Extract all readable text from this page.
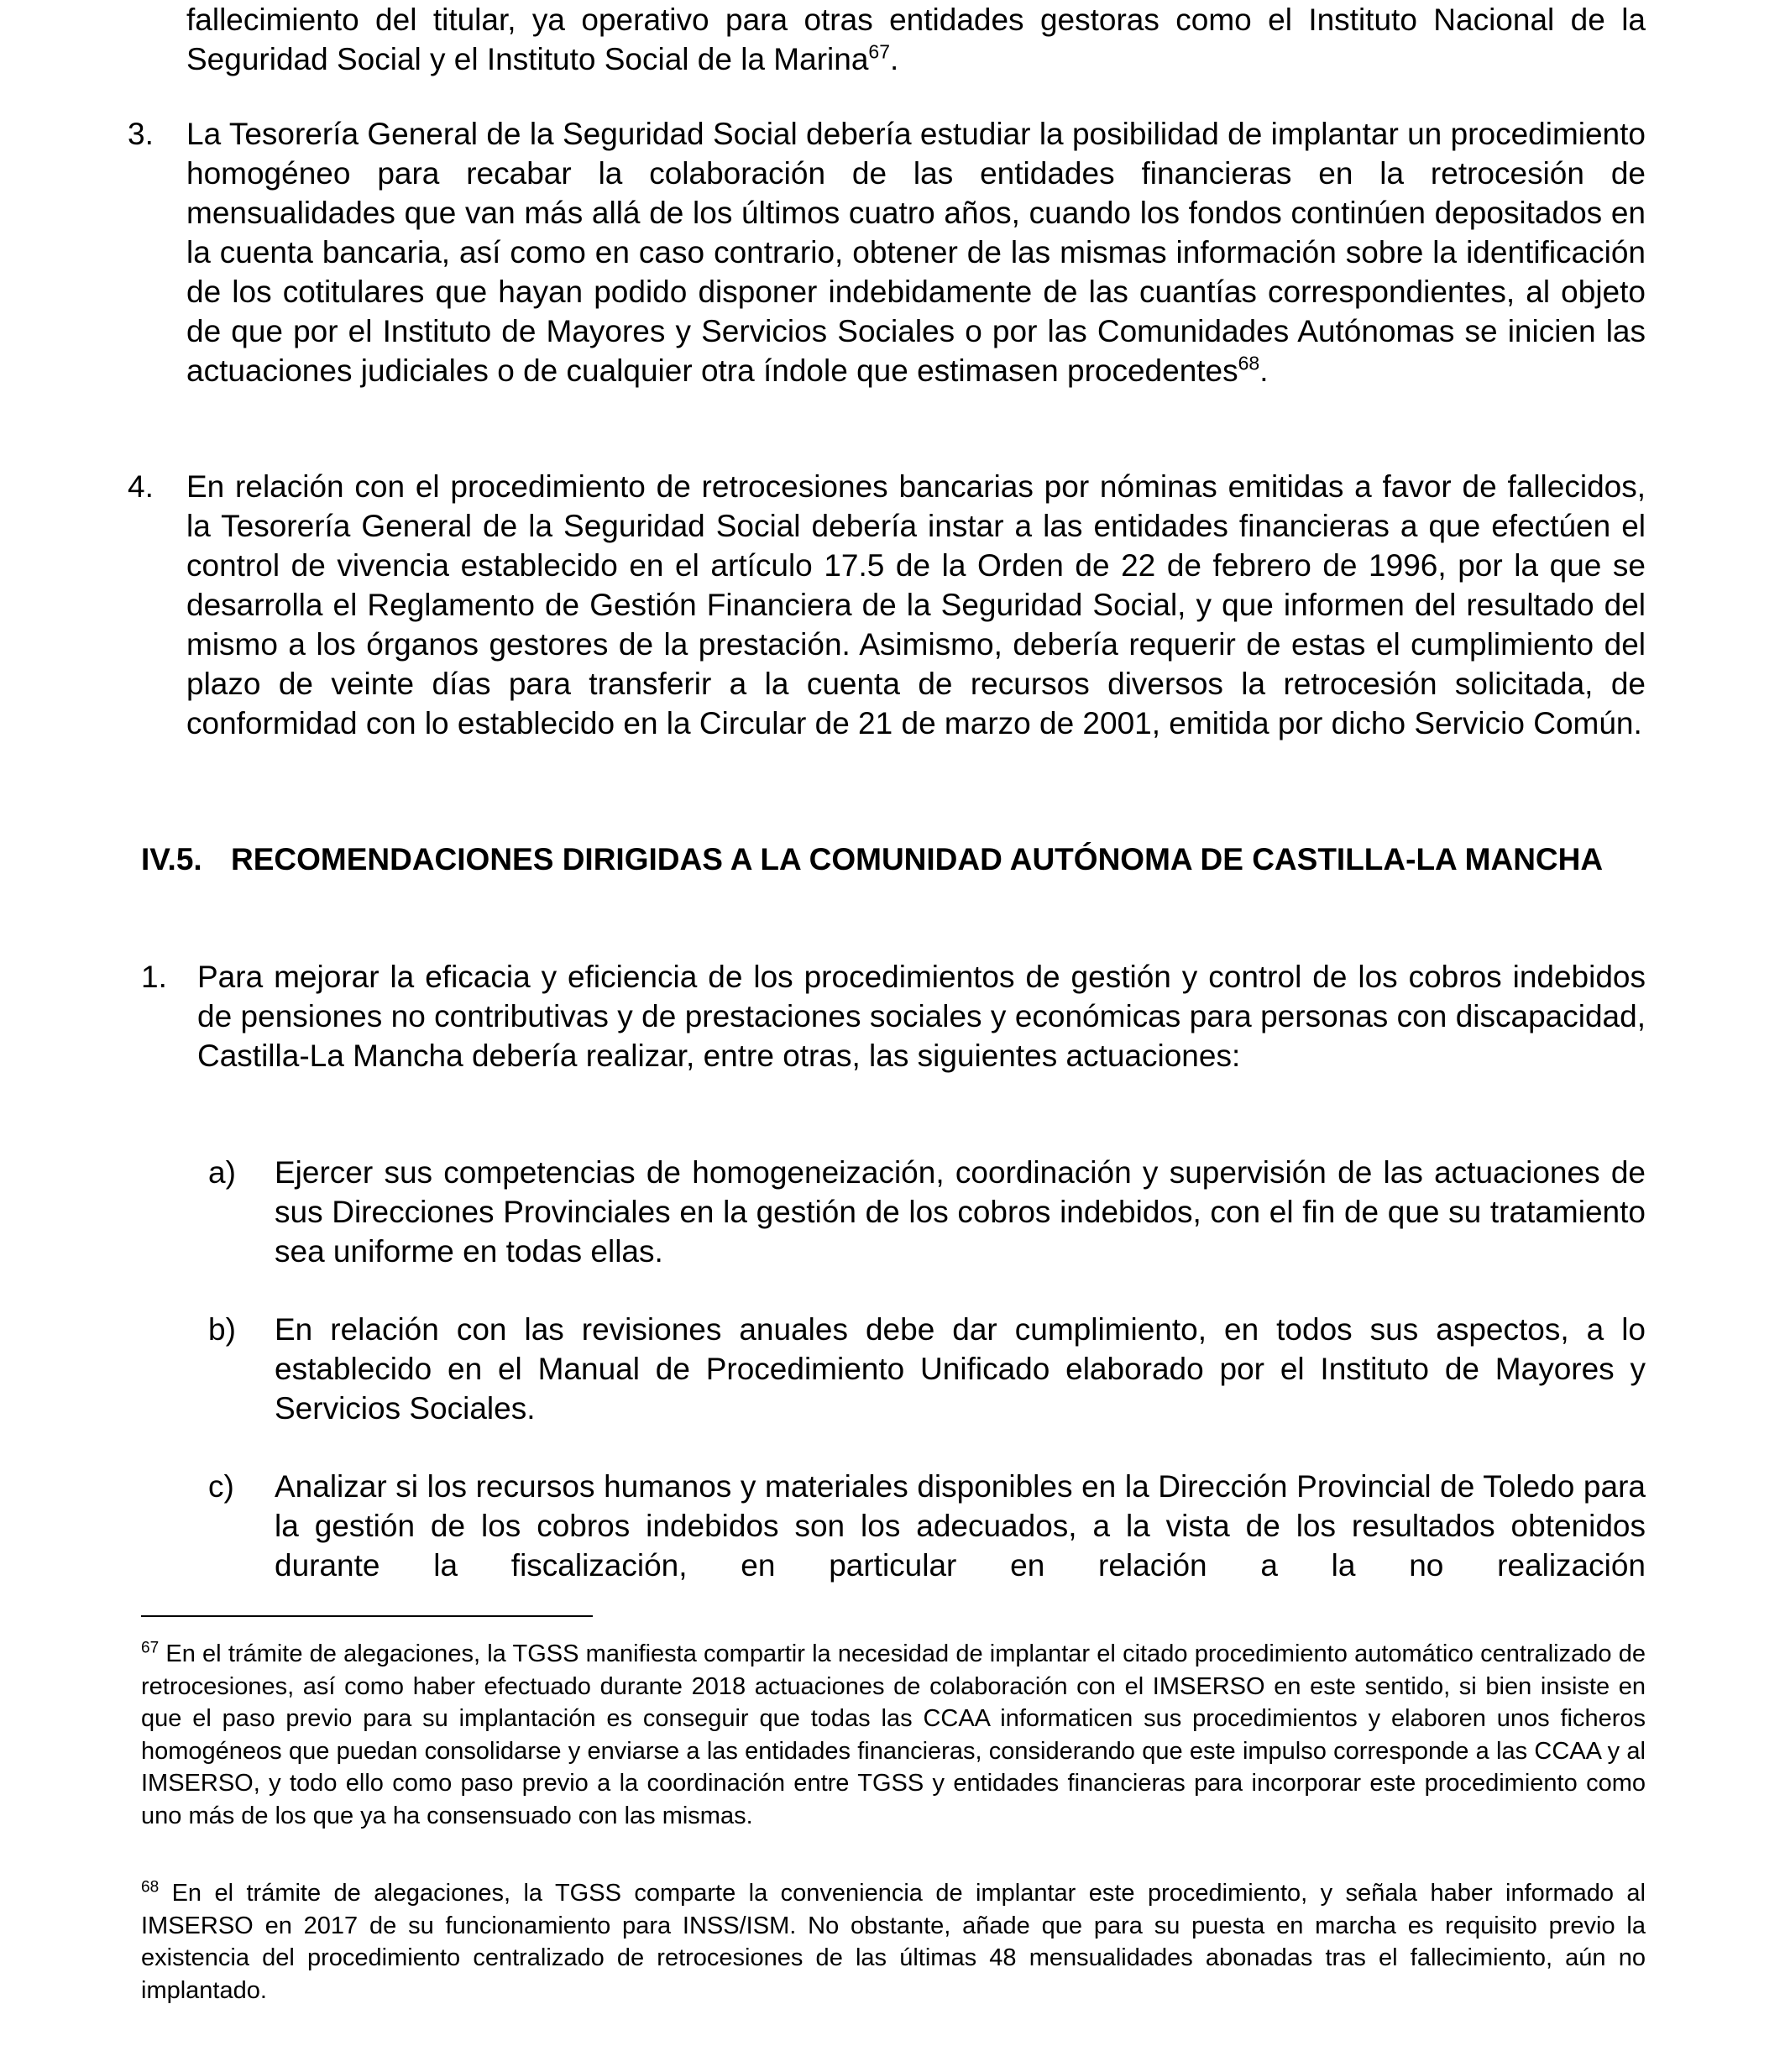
fallecimiento del titular, ya operativo para otras entidades gestoras como el Instituto Nacional de la Seguridad Social y el Instituto Social de la Marina$^{67}$.
3. La Tesorería General de la Seguridad Social debería estudiar la posibilidad de implantar un procedimiento homogéneo para recabar la colaboración de las entidades financieras en la retrocesión de mensualidades que van más allá de los últimos cuatro años, cuando los fondos continúen depositados en la cuenta bancaria, así como en caso contrario, obtener de las mismas información sobre la identificación de los cotitulares que hayan podido disponer indebidamente de las cuantías correspondientes, al objeto de que por el Instituto de Mayores y Servicios Sociales o por las Comunidades Autónomas se inicien las actuaciones judiciales o de cualquier otra índole que estimasen procedentes$^{68}$.
4. En relación con el procedimiento de retrocesiones bancarias por nóminas emitidas a favor de fallecidos, la Tesorería General de la Seguridad Social debería instar a las entidades financieras a que efectúen el control de vivencia establecido en el artículo 17.5 de la Orden de 22 de febrero de 1996, por la que se desarrolla el Reglamento de Gestión Financiera de la Seguridad Social, y que informen del resultado del mismo a los órganos gestores de la prestación. Asimismo, debería requerir de estas el cumplimiento del plazo de veinte días para transferir a la cuenta de recursos diversos la retrocesión solicitada, de conformidad con lo establecido en la Circular de 21 de marzo de 2001, emitida por dicho Servicio Común.
IV.5. RECOMENDACIONES DIRIGIDAS A LA COMUNIDAD AUTÓNOMA DE CASTILLA-LA MANCHA
1. Para mejorar la eficacia y eficiencia de los procedimientos de gestión y control de los cobros indebidos de pensiones no contributivas y de prestaciones sociales y económicas para personas con discapacidad, Castilla-La Mancha debería realizar, entre otras, las siguientes actuaciones:
a) Ejercer sus competencias de homogeneización, coordinación y supervisión de las actuaciones de sus Direcciones Provinciales en la gestión de los cobros indebidos, con el fin de que su tratamiento sea uniforme en todas ellas.
b) En relación con las revisiones anuales debe dar cumplimiento, en todos sus aspectos, a lo establecido en el Manual de Procedimiento Unificado elaborado por el Instituto de Mayores y Servicios Sociales.
c) Analizar si los recursos humanos y materiales disponibles en la Dirección Provincial de Toledo para la gestión de los cobros indebidos son los adecuados, a la vista de los resultados obtenidos durante la fiscalización, en particular en relación a la no realización
$^{67}$ En el trámite de alegaciones, la TGSS manifiesta compartir la necesidad de implantar el citado procedimiento automático centralizado de retrocesiones, así como haber efectuado durante 2018 actuaciones de colaboración con el IMSERSO en este sentido, si bien insiste en que el paso previo para su implantación es conseguir que todas las CCAA informaticen sus procedimientos y elaboren unos ficheros homogéneos que puedan consolidarse y enviarse a las entidades financieras, considerando que este impulso corresponde a las CCAA y al IMSERSO, y todo ello como paso previo a la coordinación entre TGSS y entidades financieras para incorporar este procedimiento como uno más de los que ya ha consensuado con las mismas.
$^{68}$ En el trámite de alegaciones, la TGSS comparte la conveniencia de implantar este procedimiento, y señala haber informado al IMSERSO en 2017 de su funcionamiento para INSS/ISM. No obstante, añade que para su puesta en marcha es requisito previo la existencia del procedimiento centralizado de retrocesiones de las últimas 48 mensualidades abonadas tras el fallecimiento, aún no implantado.
